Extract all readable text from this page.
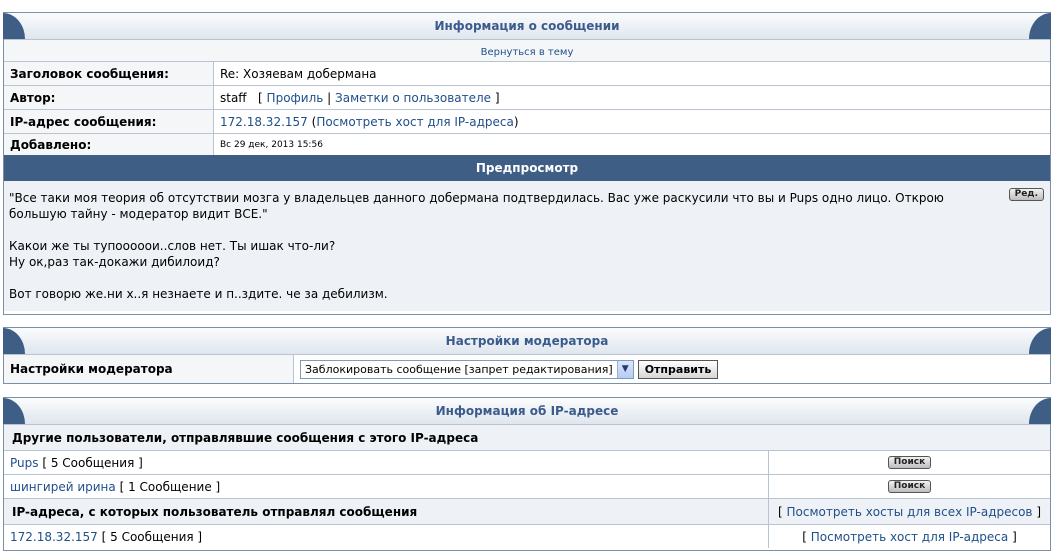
Информация о сообщении
Вернуться в тему
Заголовок сообщения:	Re: Хозяевам добермана
Автор:	staff
[
Профиль
|
Заметки о пользователе
]
IP-адрес сообщения:	172.18.32.157
( Посмотреть хост для IP-адреса )
Добавлено:	Вс 29 дек, 2013 15:56
Предпросмотр
Ред.
"Все таки моя теория об отсутствии мозга у владельцев данного добермана подтвердилась. Вас уже раскусили что вы и Pups одно лицо. Открою
большую тайну - модератор видит ВСЕ."
Какои же ты тупооооои..слов нет. Ты ишак что-ли?
Ну ок,раз так-докажи дибилоид?
Вот говорю же.ни х..я незнаете и п..здите. че за дебилизм.
Настройки модератора
Настройки модератора	Заблокировать сообщение [запрет редактирования]	▼	Отправить
Информация об IP-адресе
Другие пользователи, отправлявшие сообщения с этого IP-адреса
Pups
[ 5 Сообщения ]	Поиск
шингирей ирина
[ 1 Сообщение ]	Поиск
IP-адреса, с которых пользователь отправлял сообщения	[ Посмотреть хосты для всех IP-адресов ]
172.18.32.157
[ 5 Сообщения ]	[ Посмотреть хост для IP-адреса ]
